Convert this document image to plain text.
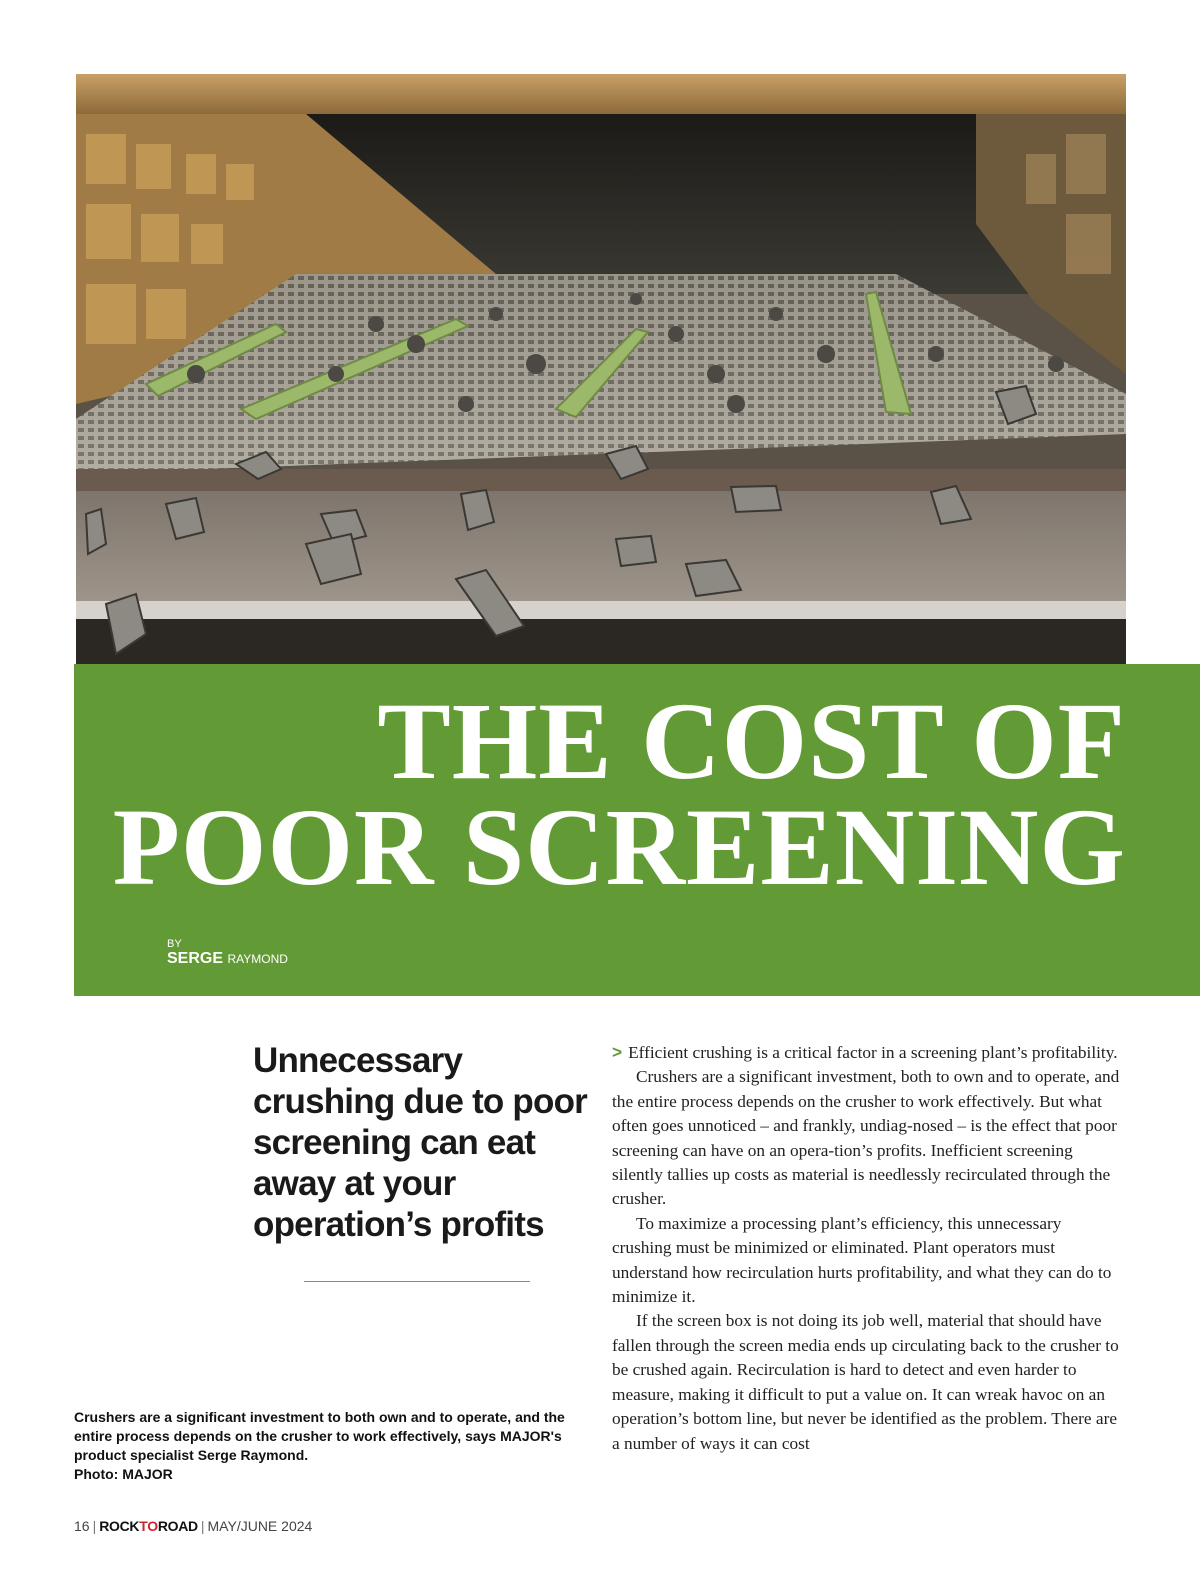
THE COST OF
POOR SCREENING
BY
SERGE RAYMOND

Unnecessary crushing due to poor screening can eat away at your operation’s profits

Crushers are a significant investment to both own and to operate, and the entire process depends on the crusher to work effectively, says MAJOR's product specialist Serge Raymond.
Photo: MAJOR

> Efficient crushing is a critical factor in a screening plant’s profitability.

Crushers are a significant investment, both to own and to operate, and the entire process depends on the crusher to work effectively. But what often goes unnoticed – and frankly, undiag-nosed – is the effect that poor screening can have on an opera-tion’s profits. Inefficient screening silently tallies up costs as material is needlessly recirculated through the crusher.

To maximize a processing plant’s efficiency, this unnecessary crushing must be minimized or eliminated. Plant operators must understand how recirculation hurts profitability, and what they can do to minimize it.

If the screen box is not doing its job well, material that should have fallen through the screen media ends up circulating back to the crusher to be crushed again. Recirculation is hard to detect and even harder to measure, making it difficult to put a value on. It can wreak havoc on an operation’s bottom line, but never be identified as the problem. There are a number of ways it can cost

16 | ROCKTOROAD | MAY/JUNE 2024
